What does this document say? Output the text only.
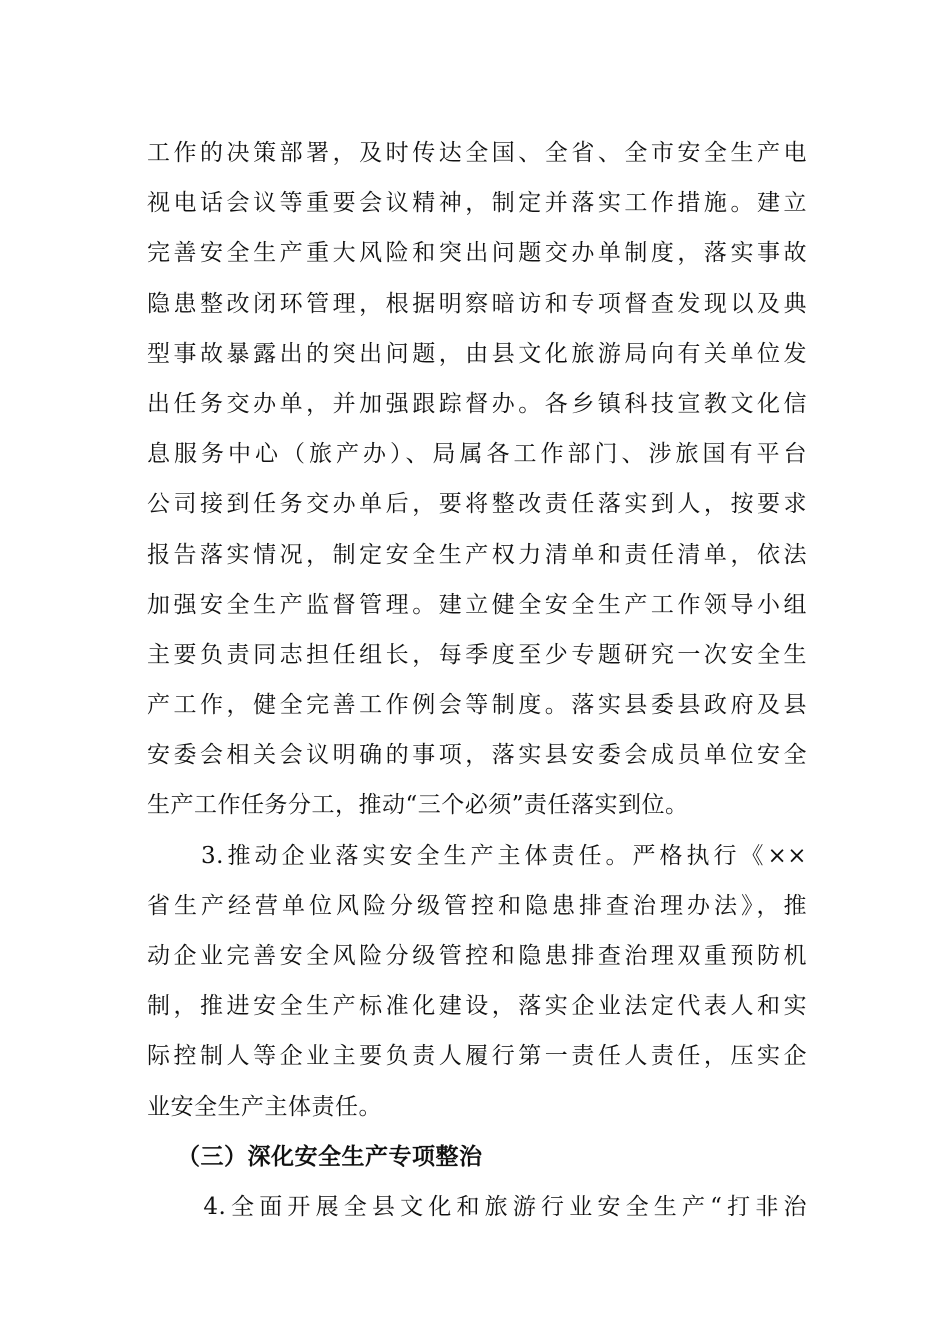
工作的决策部署，及时传达全国、全省、全市安全生产电
视电话会议等重要会议精神，制定并落实工作措施。建立
完善安全生产重大风险和突出问题交办单制度，落实事故
隐患整改闭环管理，根据明察暗访和专项督查发现以及典
型事故暴露出的突出问题，由县文化旅游局向有关单位发
出任务交办单，并加强跟踪督办。各乡镇科技宣教文化信
息服务中心（旅产办）、局属各工作部门、涉旅国有平台
公司接到任务交办单后，要将整改责任落实到人，按要求
报告落实情况，制定安全生产权力清单和责任清单，依法
加强安全生产监督管理。建立健全安全生产工作领导小组
主要负责同志担任组长，每季度至少专题研究一次安全生
产工作，健全完善工作例会等制度。落实县委县政府及县
安委会相关会议明确的事项，落实县安委会成员单位安全
生产工作任务分工，推动“三个必须”责任落实到位。
　　3.推动企业落实安全生产主体责任。严格执行《××
省生产经营单位风险分级管控和隐患排查治理办法》，推
动企业完善安全风险分级管控和隐患排查治理双重预防机
制，推进安全生产标准化建设，落实企业法定代表人和实
际控制人等企业主要负责人履行第一责任人责任，压实企
业安全生产主体责任。
（三）深化安全生产专项整治
　　4.全面开展全县文化和旅游行业安全生产“打非治
